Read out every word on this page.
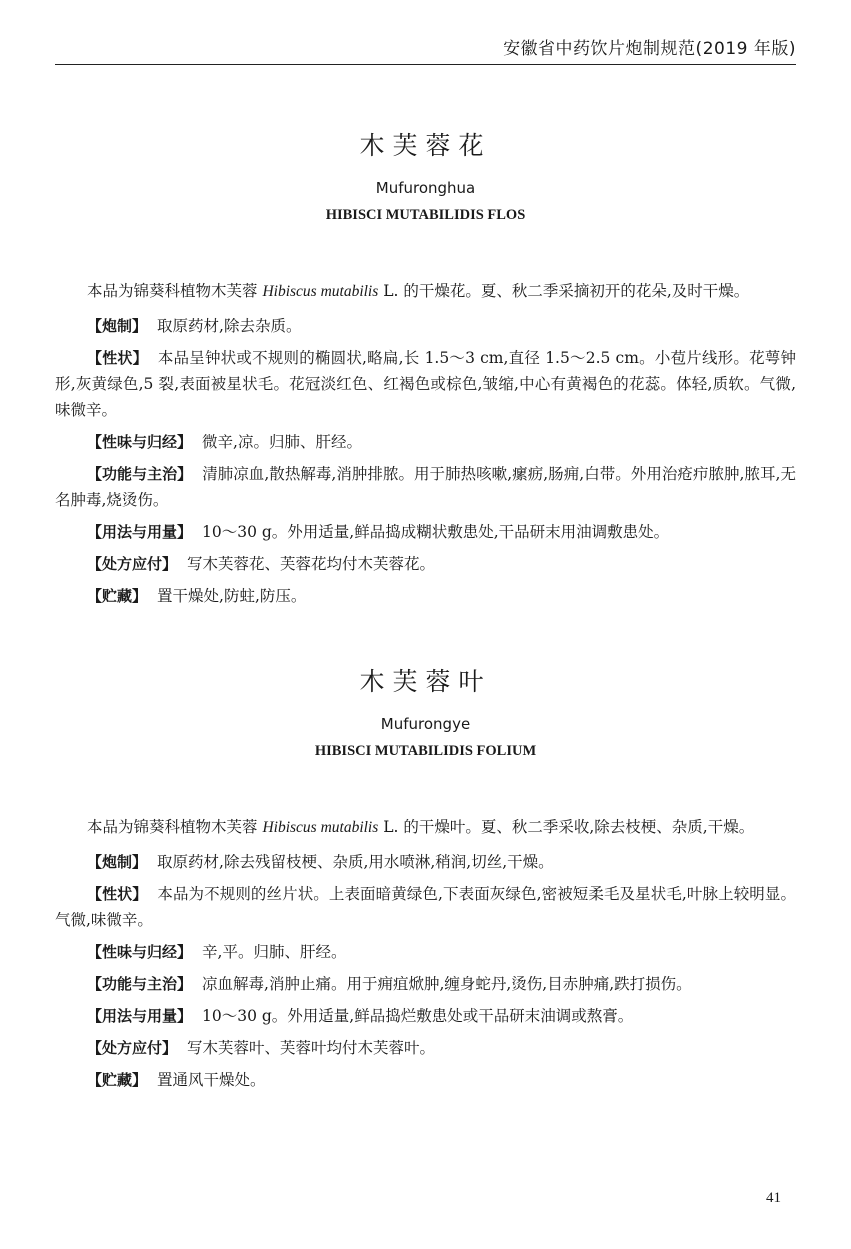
安徽省中药饮片炮制规范(2019 年版)
木芙蓉花
Mufuronghua
HIBISCI MUTABILIDIS FLOS

本品为锦葵科植物木芙蓉 Hibiscus mutabilis L. 的干燥花。夏、秋二季采摘初开的花朵,及时干燥。

【炮制】 取原药材,除去杂质。

【性状】 本品呈钟状或不规则的椭圆状,略扁,长 1.5～3 cm,直径 1.5～2.5 cm。小苞片线形。花萼钟形,灰黄绿色,5 裂,表面被星状毛。花冠淡红色、红褐色或棕色,皱缩,中心有黄褐色的花蕊。体轻,质软。气微,味微辛。

【性味与归经】 微辛,凉。归肺、肝经。

【功能与主治】 清肺凉血,散热解毒,消肿排脓。用于肺热咳嗽,瘰疬,肠痈,白带。外用治疮疖脓肿,脓耳,无名肿毒,烧烫伤。

【用法与用量】 10～30 g。外用适量,鲜品捣成糊状敷患处,干品研末用油调敷患处。

【处方应付】 写木芙蓉花、芙蓉花均付木芙蓉花。

【贮藏】 置干燥处,防蛀,防压。

木芙蓉叶
Mufurongye
HIBISCI MUTABILIDIS FOLIUM

本品为锦葵科植物木芙蓉 Hibiscus mutabilis L. 的干燥叶。夏、秋二季采收,除去枝梗、杂质,干燥。

【炮制】 取原药材,除去残留枝梗、杂质,用水喷淋,稍润,切丝,干燥。

【性状】 本品为不规则的丝片状。上表面暗黄绿色,下表面灰绿色,密被短柔毛及星状毛,叶脉上较明显。气微,味微辛。

【性味与归经】 辛,平。归肺、肝经。

【功能与主治】 凉血解毒,消肿止痛。用于痈疽焮肿,缠身蛇丹,烫伤,目赤肿痛,跌打损伤。

【用法与用量】 10～30 g。外用适量,鲜品捣烂敷患处或干品研末油调或熬膏。

【处方应付】 写木芙蓉叶、芙蓉叶均付木芙蓉叶。

【贮藏】 置通风干燥处。

41
